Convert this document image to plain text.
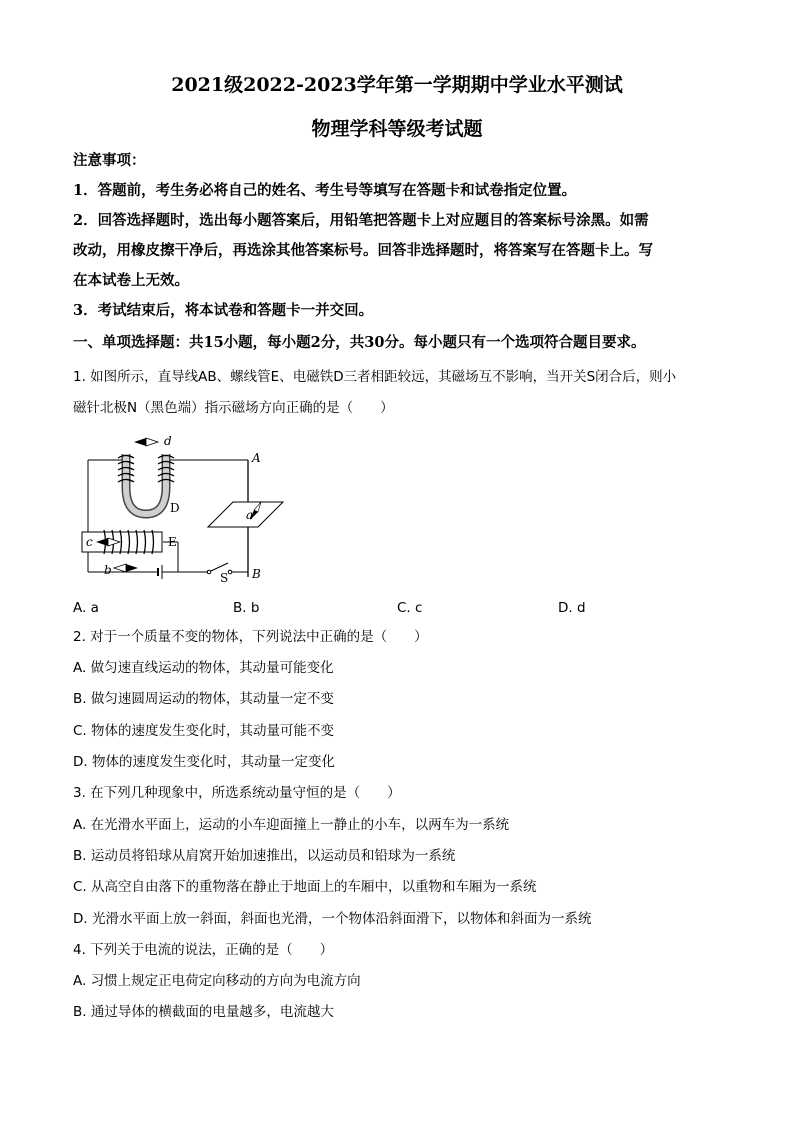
2021级2022-2023学年第一学期期中学业水平测试
物理学科等级考试题
注意事项：
1．答题前，考生务必将自己的姓名、考生号等填写在答题卡和试卷指定位置。
2．回答选择题时，选出每小题答案后，用铅笔把答题卡上对应题目的答案标号涂黑。如需
改动，用橡皮擦干净后，再选涂其他答案标号。回答非选择题时，将答案写在答题卡上。写
在本试卷上无效。
3．考试结束后，将本试卷和答题卡一并交回。
一、单项选择题：共15小题，每小题2分，共30分。每小题只有一个选项符合题目要求。
1. 如图所示，直导线AB、螺线管E、电磁铁D三者相距较远，其磁场互不影响，当开关S闭合后，则小
磁针北极N（黑色端）指示磁场方向正确的是（　　）
d
A
D	a
c	E
b
S B
A. a	B. b	C. c	D. d
2. 对于一个质量不变的物体，下列说法中正确的是（　　）
A. 做匀速直线运动的物体，其动量可能变化
B. 做匀速圆周运动的物体，其动量一定不变
C. 物体的速度发生变化时，其动量可能不变
D. 物体的速度发生变化时，其动量一定变化
3. 在下列几种现象中，所选系统动量守恒的是（　　）
A. 在光滑水平面上，运动的小车迎面撞上一静止的小车，以两车为一系统
B. 运动员将铅球从肩窝开始加速推出，以运动员和铅球为一系统
C. 从高空自由落下的重物落在静止于地面上的车厢中，以重物和车厢为一系统
D. 光滑水平面上放一斜面，斜面也光滑，一个物体沿斜面滑下，以物体和斜面为一系统
4. 下列关于电流的说法，正确的是（　　）
A. 习惯上规定正电荷定向移动的方向为电流方向
B. 通过导体的横截面的电量越多，电流越大
